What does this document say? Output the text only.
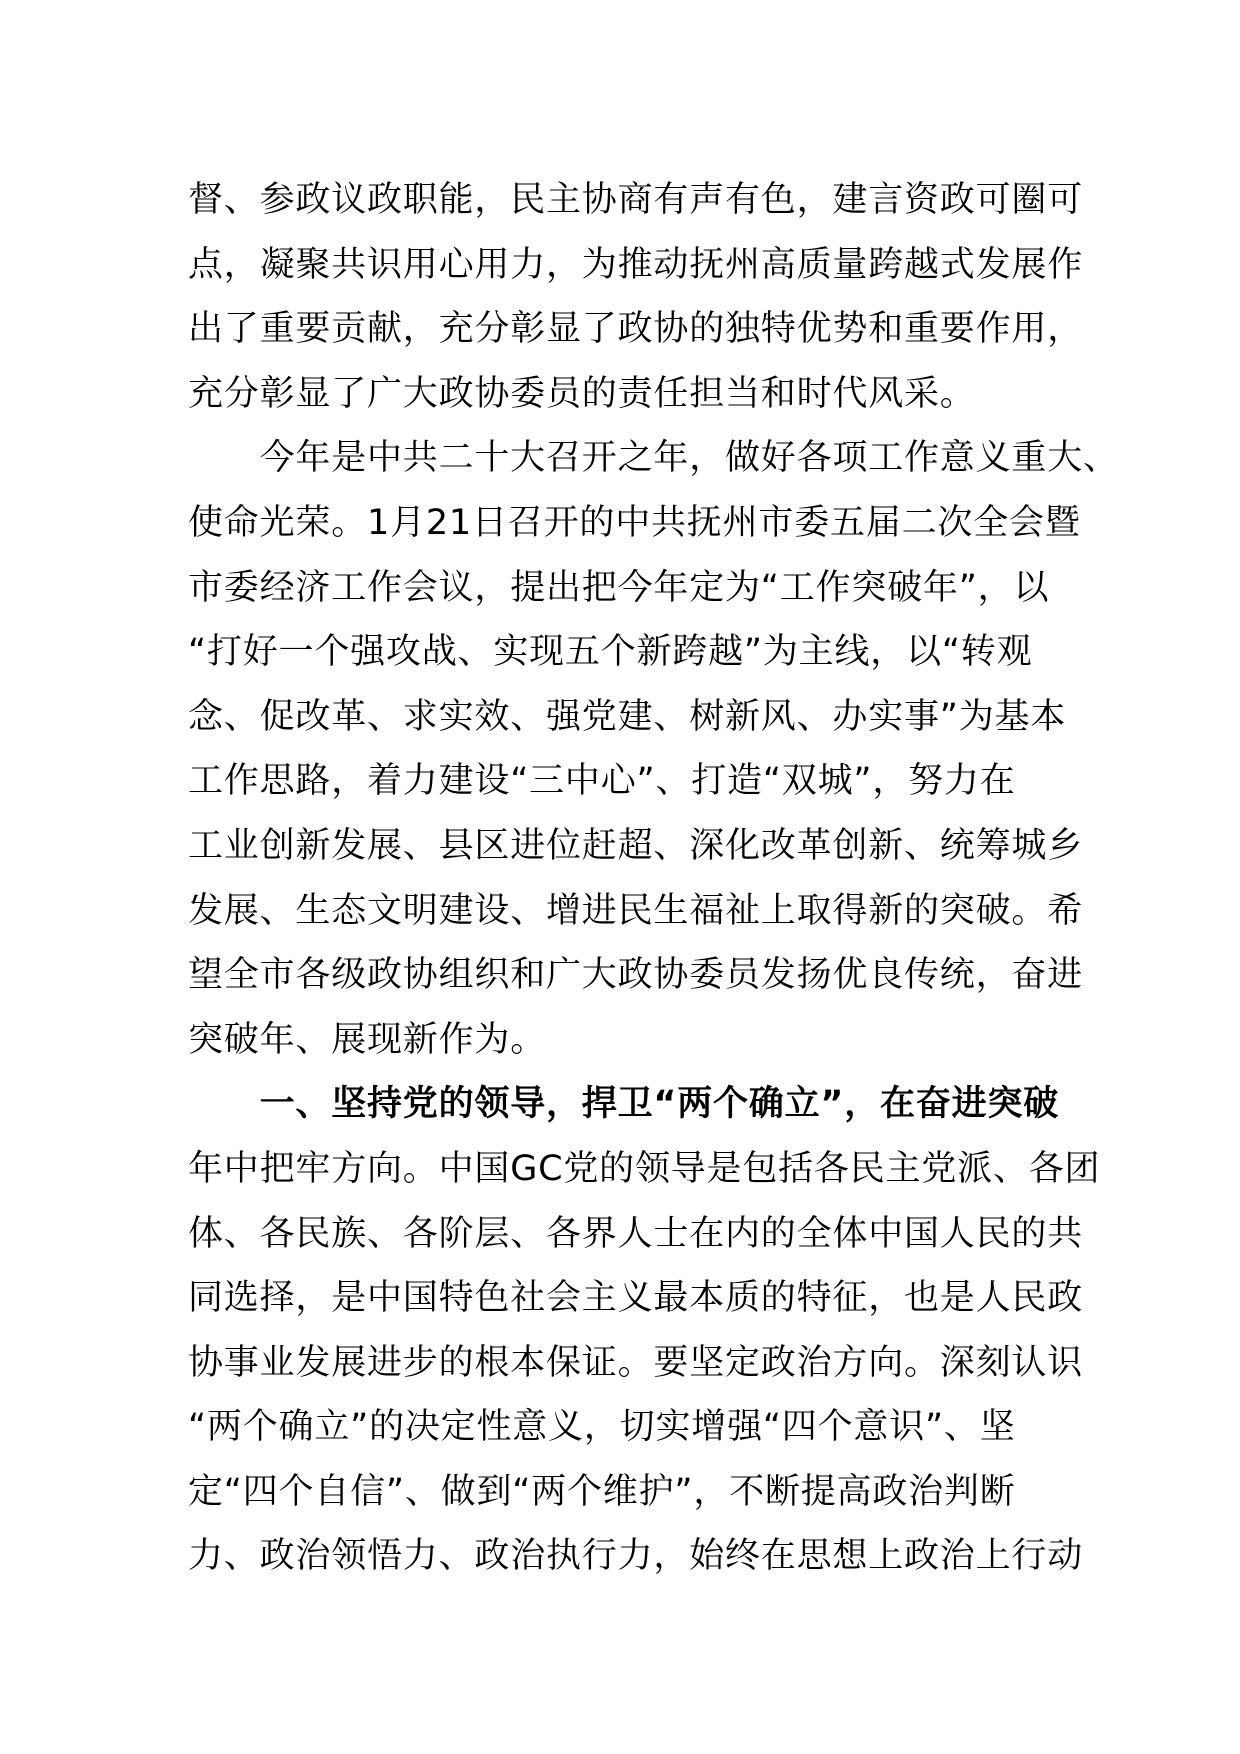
督、参政议政职能，民主协商有声有色，建言资政可圈可
点，凝聚共识用心用力，为推动抚州高质量跨越式发展作
出了重要贡献，充分彰显了政协的独特优势和重要作用，
充分彰显了广大政协委员的责任担当和时代风采。
　　今年是中共二十大召开之年，做好各项工作意义重大、
使命光荣。1月21日召开的中共抚州市委五届二次全会暨
市委经济工作会议，提出把今年定为“工作突破年”，以
“打好一个强攻战、实现五个新跨越”为主线，以“转观
念、促改革、求实效、强党建、树新风、办实事”为基本
工作思路，着力建设“三中心”、打造“双城”，努力在
工业创新发展、县区进位赶超、深化改革创新、统筹城乡
发展、生态文明建设、增进民生福祉上取得新的突破。希
望全市各级政协组织和广大政协委员发扬优良传统，奋进
突破年、展现新作为。
　　一、坚持党的领导，捍卫“两个确立”，在奋进突破
年中把牢方向。中国GC党的领导是包括各民主党派、各团
体、各民族、各阶层、各界人士在内的全体中国人民的共
同选择，是中国特色社会主义最本质的特征，也是人民政
协事业发展进步的根本保证。要坚定政治方向。深刻认识
“两个确立”的决定性意义，切实增强“四个意识”、坚
定“四个自信”、做到“两个维护”，不断提高政治判断
力、政治领悟力、政治执行力，始终在思想上政治上行动
